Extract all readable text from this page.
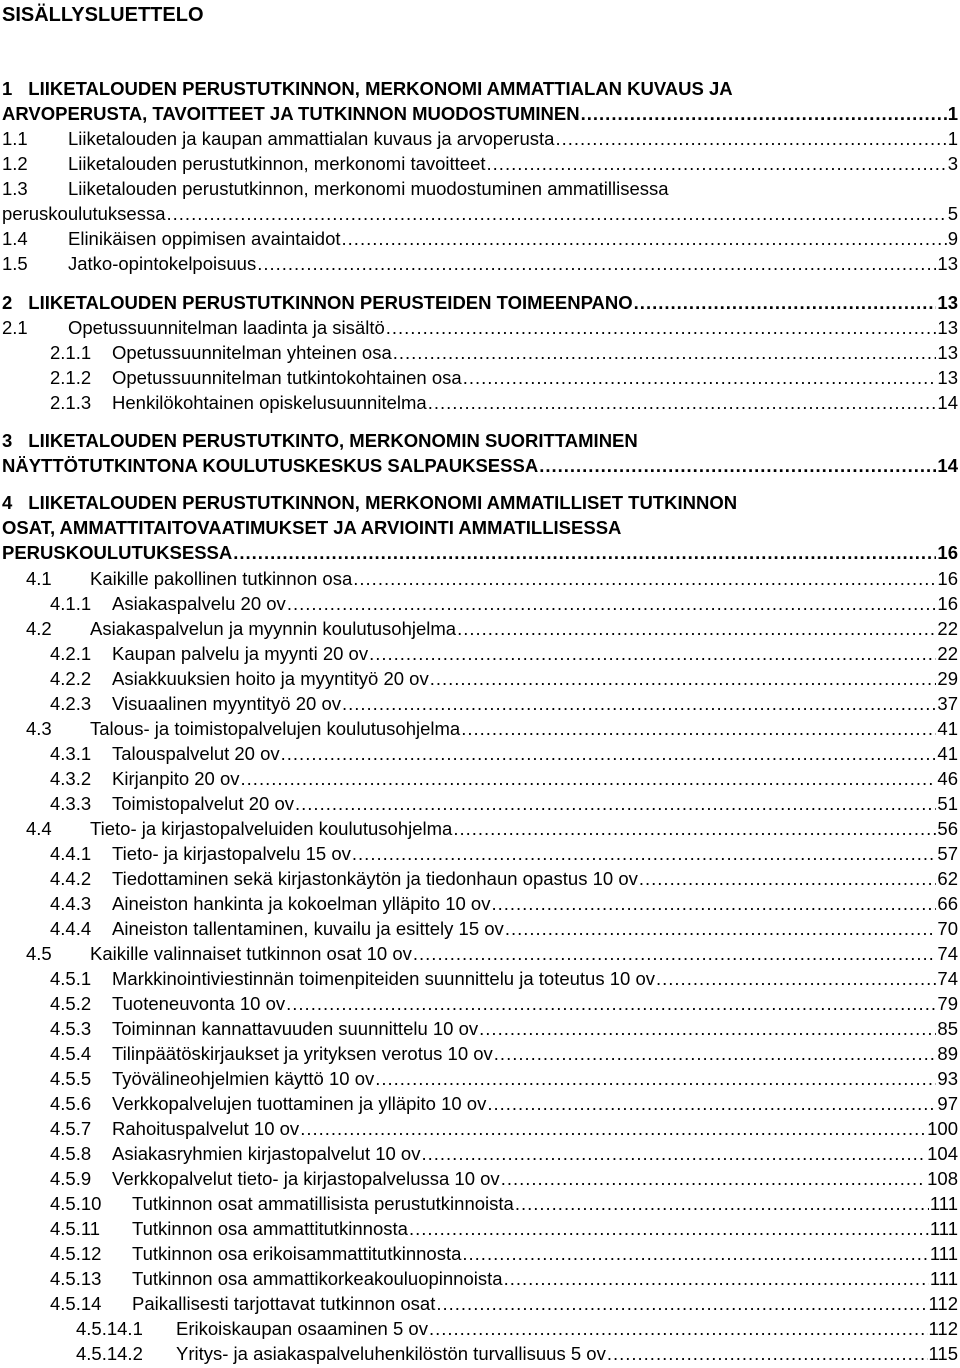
SISÄLLYSLUETTELO
1 LIIKETALOUDEN PERUSTUTKINNON, MERKONOMI AMMATTIALAN KUVAUS JA
ARVOPERUSTA, TAVOITTEET JA TUTKINNON MUODOSTUMINEN .....	1
1.1	Liiketalouden ja kaupan ammattialan kuvaus ja arvoperusta .....	1
1.2	Liiketalouden perustutkinnon, merkonomi tavoitteet .....	3
1.3	Liiketalouden perustutkinnon, merkonomi muodostuminen ammatillisessa
peruskoulutuksessa .....	5
1.4	Elinikäisen oppimisen avaintaidot .....	9
1.5	Jatko-opintokelpoisuus .....	13
2 LIIKETALOUDEN PERUSTUTKINNON PERUSTEIDEN TOIMEENPANO .....	13
2.1	Opetussuunnitelman laadinta ja sisältö .....	13
2.1.1	Opetussuunnitelman yhteinen osa .....	13
2.1.2	Opetussuunnitelman tutkintokohtainen osa .....	13
2.1.3	Henkilökohtainen opiskelusuunnitelma .....	14
3 LIIKETALOUDEN PERUSTUTKINTO, MERKONOMIN SUORITTAMINEN
NÄYTTÖTUTKINTONA KOULUTUSKESKUS SALPAUKSESSA .....	14
4 LIIKETALOUDEN PERUSTUTKINNON, MERKONOMI AMMATILLISET TUTKINNON
OSAT, AMMATTITAITOVAATIMUKSET JA ARVIOINTI AMMATILLISESSA
PERUSKOULUTUKSESSA .....	16
4.1	Kaikille pakollinen tutkinnon osa .....	16
4.1.1	Asiakaspalvelu 20 ov .....	16
4.2	Asiakaspalvelun ja myynnin koulutusohjelma .....	22
4.2.1	Kaupan palvelu ja myynti 20 ov .....	22
4.2.2	Asiakkuuksien hoito ja myyntityö 20 ov .....	29
4.2.3	Visuaalinen myyntityö 20 ov .....	37
4.3	Talous- ja toimistopalvelujen koulutusohjelma .....	41
4.3.1	Talouspalvelut 20 ov .....	41
4.3.2	Kirjanpito 20 ov .....	46
4.3.3	Toimistopalvelut 20 ov .....	51
4.4	Tieto- ja kirjastopalveluiden koulutusohjelma .....	56
4.4.1	Tieto- ja kirjastopalvelu 15 ov .....	57
4.4.2	Tiedottaminen sekä kirjastonkäytön ja tiedonhaun opastus 10 ov .....	62
4.4.3	Aineiston hankinta ja kokoelman ylläpito 10 ov .....	66
4.4.4	Aineiston tallentaminen, kuvailu ja esittely 15 ov .....	70
4.5	Kaikille valinnaiset tutkinnon osat 10 ov .....	74
4.5.1	Markkinointiviestinnän toimenpiteiden suunnittelu ja toteutus 10 ov .....	74
4.5.2	Tuoteneuvonta 10 ov .....	79
4.5.3	Toiminnan kannattavuuden suunnittelu 10 ov .....	85
4.5.4	Tilinpäätöskirjaukset ja yrityksen verotus 10 ov .....	89
4.5.5	Työvälineohjelmien käyttö 10 ov .....	93
4.5.6	Verkkopalvelujen tuottaminen ja ylläpito 10 ov .....	97
4.5.7	Rahoituspalvelut 10 ov .....	100
4.5.8	Asiakasryhmien kirjastopalvelut 10 ov .....	104
4.5.9	Verkkopalvelut tieto- ja kirjastopalvelussa 10 ov .....	108
4.5.10	Tutkinnon osat ammatillisista perustutkinnoista .....	111
4.5.11	Tutkinnon osa ammattitutkinnosta .....	111
4.5.12	Tutkinnon osa erikoisammattitutkinnosta .....	111
4.5.13	Tutkinnon osa ammattikorkeakouluopinnoista .....	111
4.5.14	Paikallisesti tarjottavat tutkinnon osat .....	112
4.5.14.1	Erikoiskaupan osaaminen 5 ov .....	112
4.5.14.2	Yritys- ja asiakaspalveluhenkilöstön turvallisuus 5 ov .....	115
